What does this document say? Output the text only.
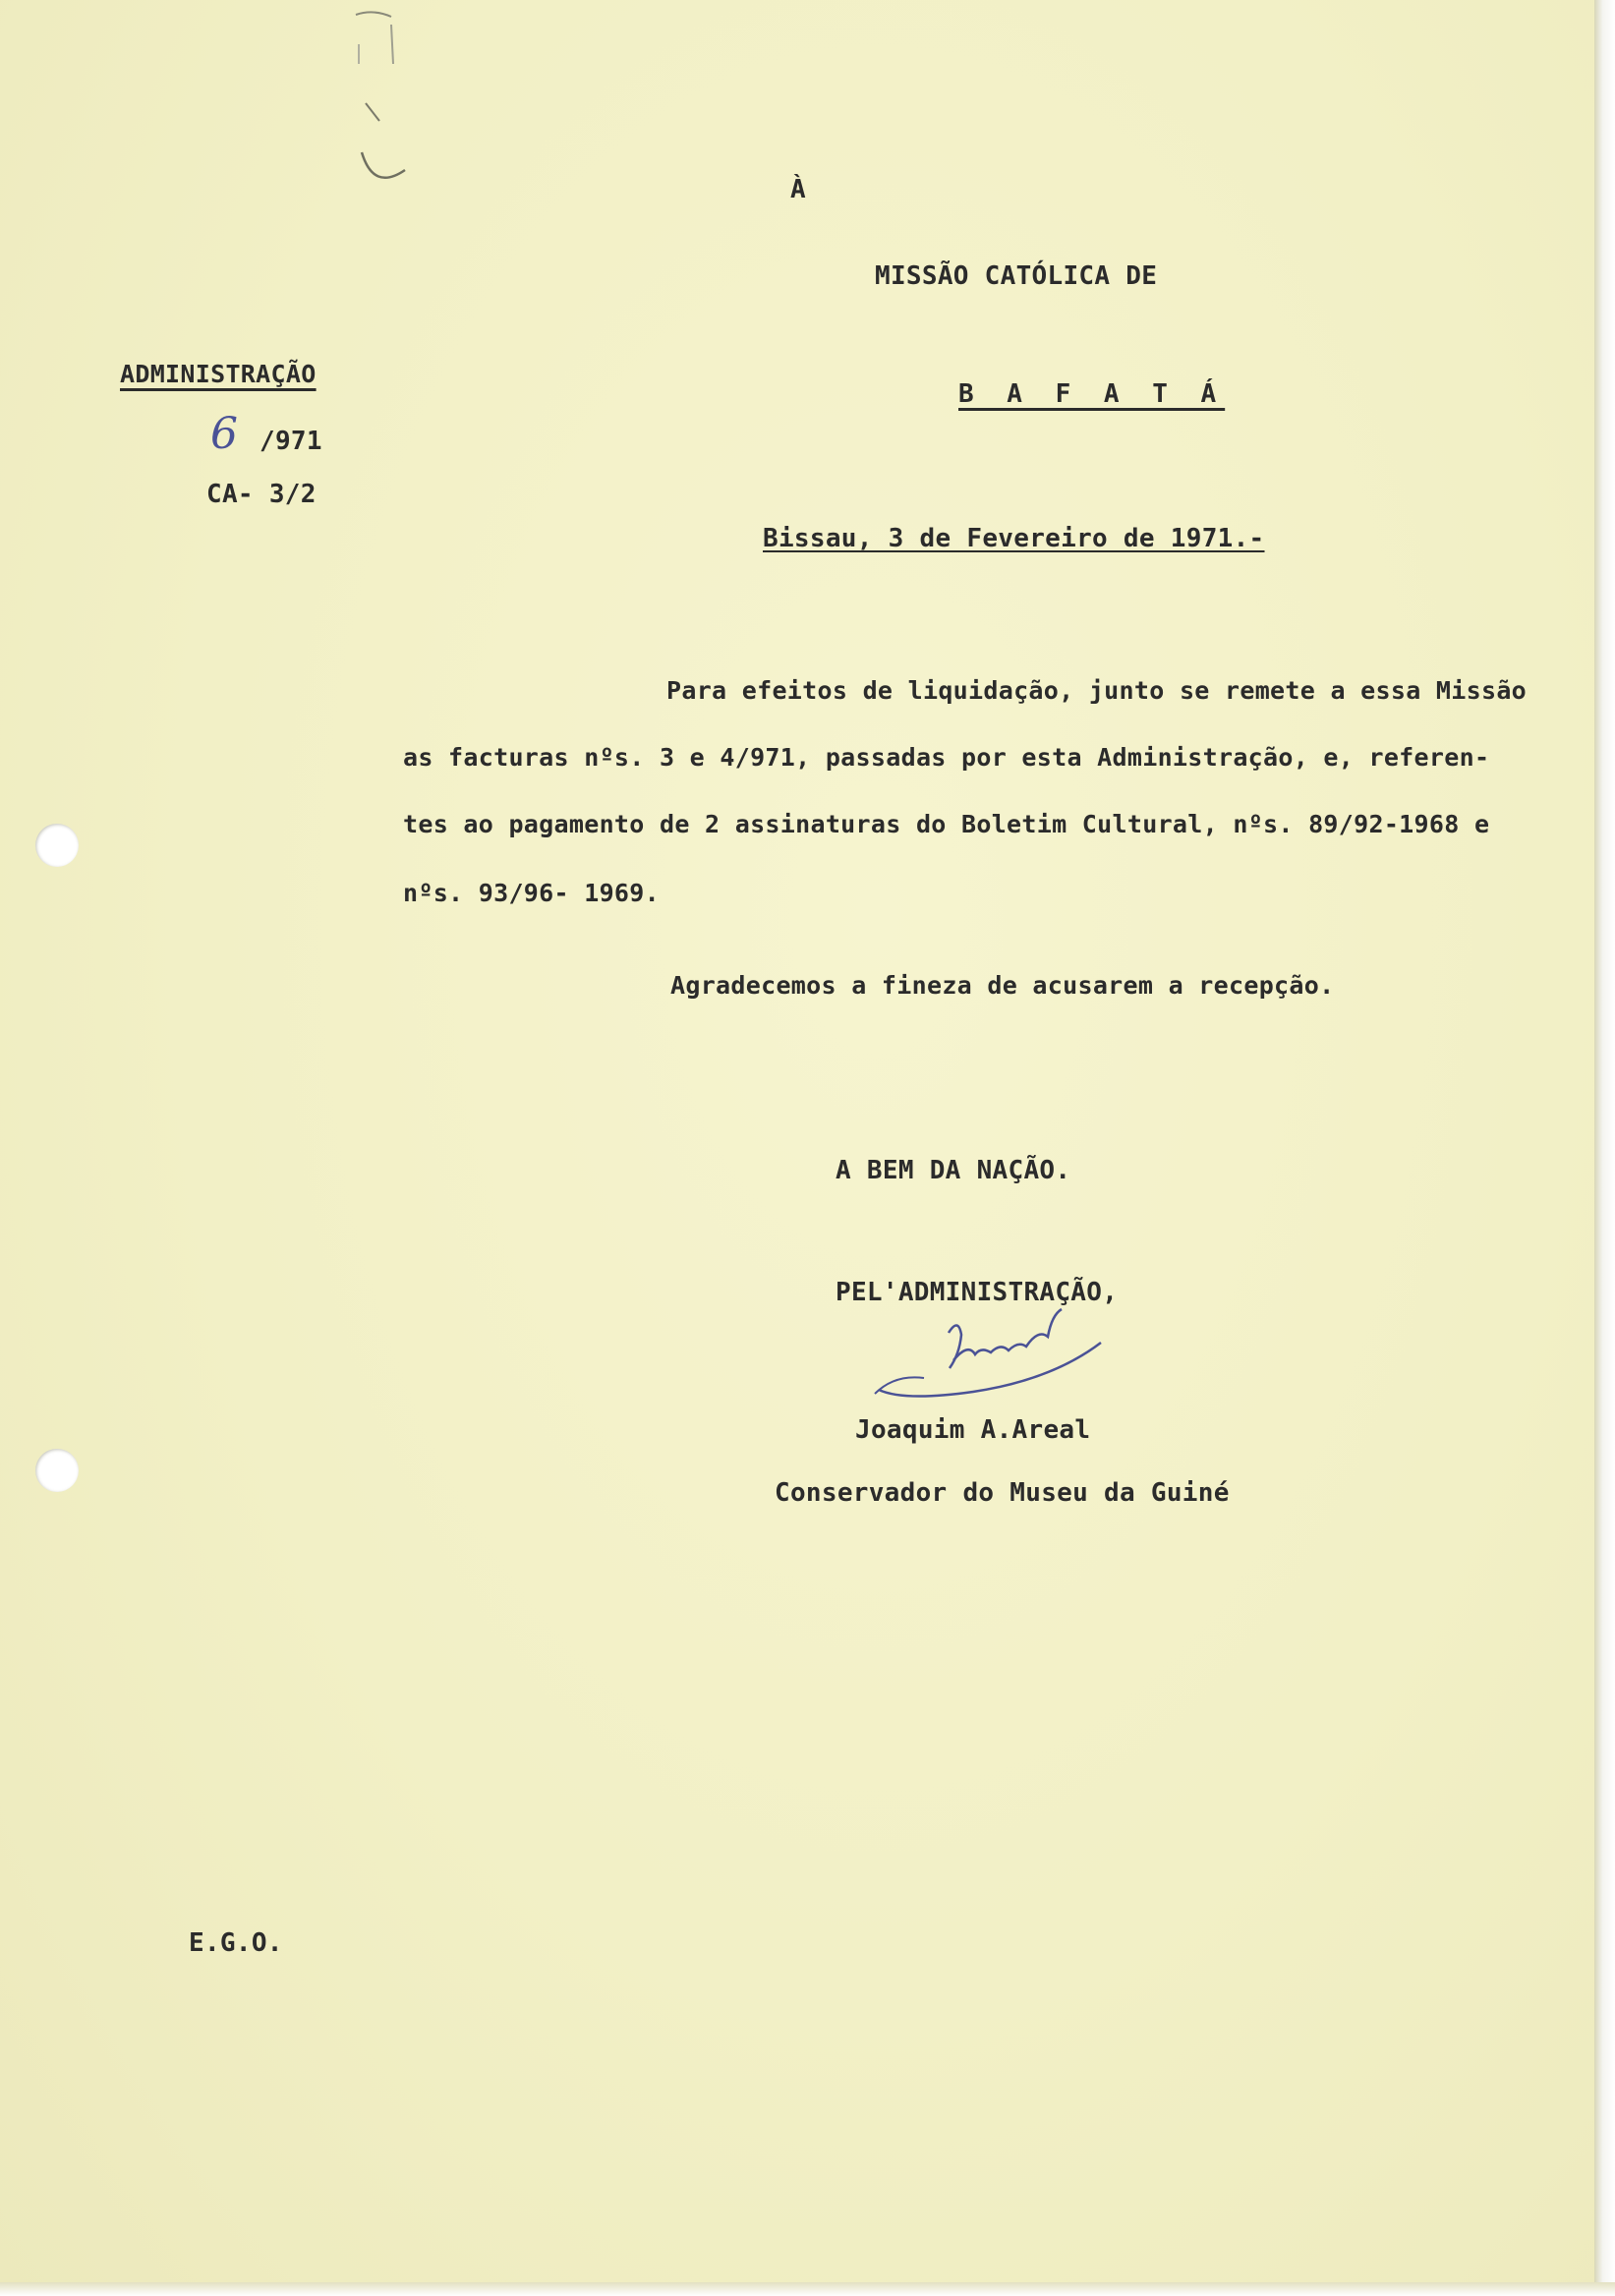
À

MISSÃO CATÓLICA DE

B A F A T Á

ADMINISTRAÇÃO

6 /971

CA- 3/2

Bissau, 3 de Fevereiro de 1971.-

Para efeitos de liquidação, junto se remete a essa Missão

as facturas nºs. 3 e 4/971, passadas por esta Administração, e, referen-

tes ao pagamento de 2 assinaturas do Boletim Cultural, nºs. 89/92-1968 e

nºs. 93/96- 1969.

Agradecemos a fineza de acusarem a recepção.

A BEM DA NAÇÃO.

PEL'ADMINISTRAÇÃO,

Joaquim A.Areal

Conservador do Museu da Guiné

E.G.O.
